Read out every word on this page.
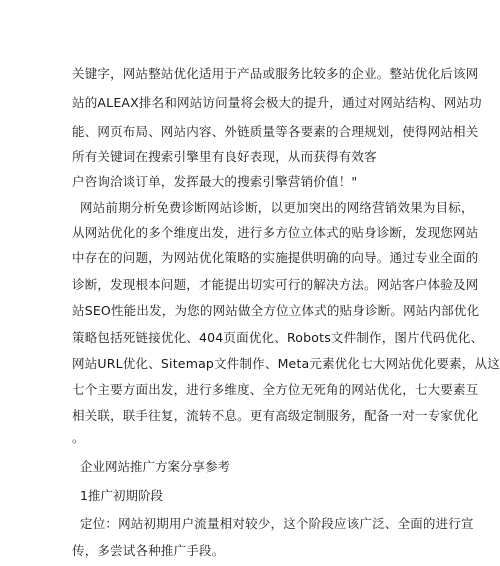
关键字，网站整站优化适用于产品或服务比较多的企业。整站优化后该网
站的ALEAX排名和网站访问量将会极大的提升，通过对网站结构、网站功
能、网页布局、网站内容、外链质量等各要素的合理规划，使得网站相关
所有关键词在搜索引擎里有良好表现，从而获得有效客
户咨询洽谈订单，发挥最大的搜索引擎营销价值！"
网站前期分析免费诊断网站诊断，以更加突出的网络营销效果为目标，
从网站优化的多个维度出发，进行多方位立体式的贴身诊断，发现您网站
中存在的问题，为网站优化策略的实施提供明确的向导。通过专业全面的
诊断，发现根本问题，才能提出切实可行的解决方法。网站客户体验及网
站SEO性能出发，为您的网站做全方位立体式的贴身诊断。网站内部优化
策略包括死链接优化、404页面优化、Robots文件制作，图片代码优化、
网站URL优化、Sitemap文件制作、Meta元素优化七大网站优化要素，从这
七个主要方面出发，进行多维度、全方位无死角的网站优化，七大要素互
相关联，联手往复，流转不息。更有高级定制服务，配备一对一专家优化
。
企业网站推广方案分享参考
1推广初期阶段
定位：网站初期用户流量相对较少，这个阶段应该广泛、全面的进行宣
传，多尝试各种推广手段。
